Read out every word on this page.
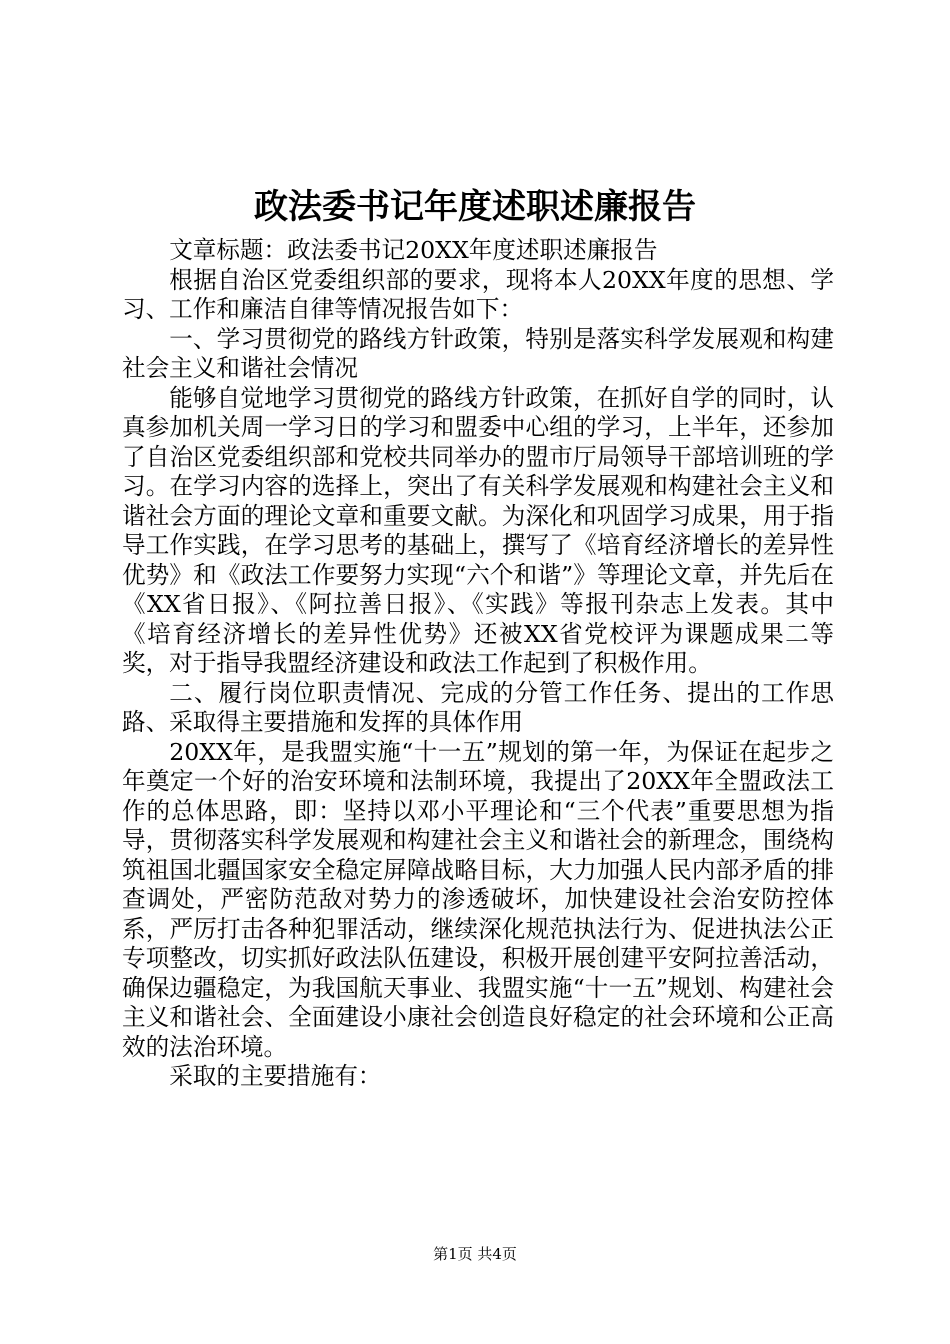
政法委书记年度述职述廉报告

文章标题：政法委书记20XX年度述职述廉报告

根据自治区党委组织部的要求，现将本人20XX年度的思想、学习、工作和廉洁自律等情况报告如下：

一、学习贯彻党的路线方针政策，特别是落实科学发展观和构建社会主义和谐社会情况

能够自觉地学习贯彻党的路线方针政策，在抓好自学的同时，认真参加机关周一学习日的学习和盟委中心组的学习，上半年，还参加了自治区党委组织部和党校共同举办的盟市厅局领导干部培训班的学习。在学习内容的选择上，突出了有关科学发展观和构建社会主义和谐社会方面的理论文章和重要文献。为深化和巩固学习成果，用于指导工作实践，在学习思考的基础上，撰写了《培育经济增长的差异性优势》和《政法工作要努力实现“六个和谐”》等理论文章，并先后在《XX省日报》、《阿拉善日报》、《实践》等报刊杂志上发表。其中《培育经济增长的差异性优势》还被XX省党校评为课题成果二等奖，对于指导我盟经济建设和政法工作起到了积极作用。

二、履行岗位职责情况、完成的分管工作任务、提出的工作思路、采取得主要措施和发挥的具体作用

20XX年，是我盟实施“十一五”规划的第一年，为保证在起步之年奠定一个好的治安环境和法制环境，我提出了20XX年全盟政法工作的总体思路，即：坚持以邓小平理论和“三个代表”重要思想为指导，贯彻落实科学发展观和构建社会主义和谐社会的新理念，围绕构筑祖国北疆国家安全稳定屏障战略目标，大力加强人民内部矛盾的排查调处，严密防范敌对势力的渗透破坏，加快建设社会治安防控体系，严厉打击各种犯罪活动，继续深化规范执法行为、促进执法公正专项整改，切实抓好政法队伍建设，积极开展创建平安阿拉善活动，确保边疆稳定，为我国航天事业、我盟实施“十一五”规划、构建社会主义和谐社会、全面建设小康社会创造良好稳定的社会环境和公正高效的法治环境。

采取的主要措施有：

第1页 共4页
